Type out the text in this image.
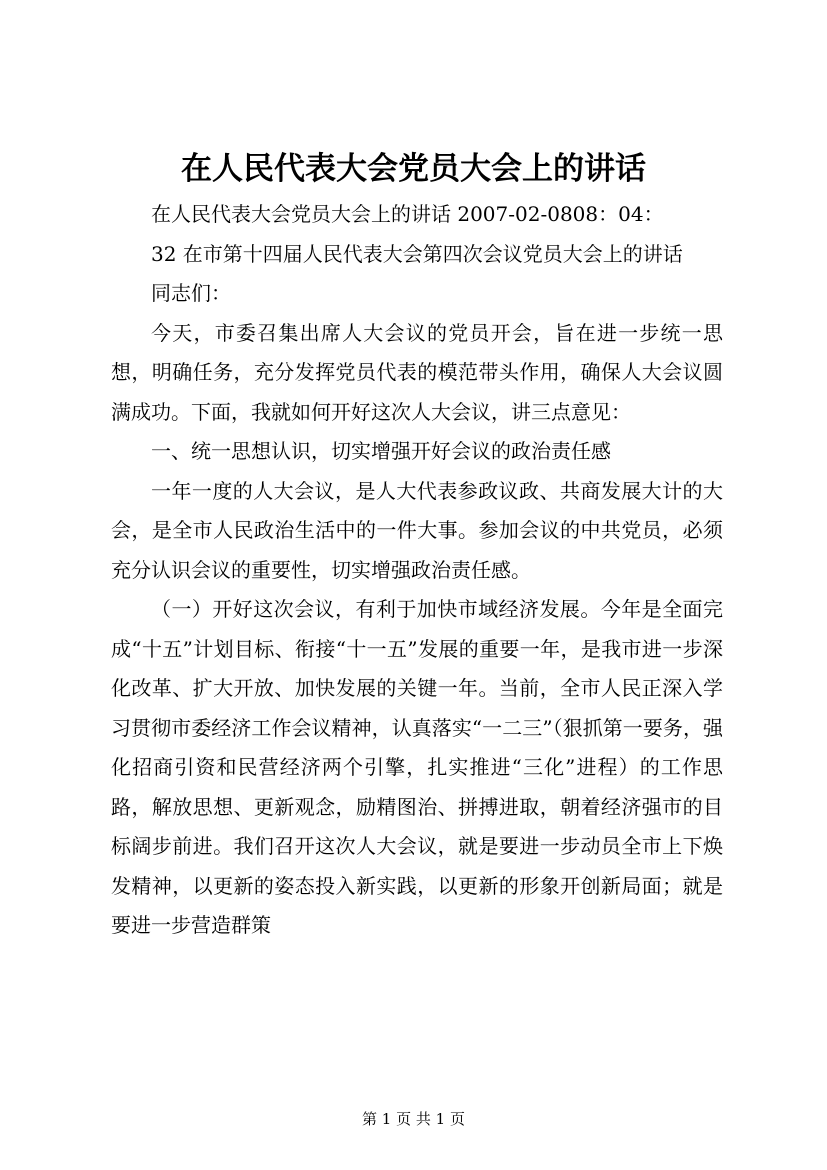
在人民代表大会党员大会上的讲话

在人民代表大会党员大会上的讲话 2007-02-0808：04：

32 在市第十四届人民代表大会第四次会议党员大会上的讲话

同志们：

今天，市委召集出席人大会议的党员开会，旨在进一步统一思想，明确任务，充分发挥党员代表的模范带头作用，确保人大会议圆满成功。下面，我就如何开好这次人大会议，讲三点意见：

一、统一思想认识，切实增强开好会议的政治责任感

一年一度的人大会议，是人大代表参政议政、共商发展大计的大会，是全市人民政治生活中的一件大事。参加会议的中共党员，必须充分认识会议的重要性，切实增强政治责任感。

（一）开好这次会议，有利于加快市域经济发展。今年是全面完成“十五”计划目标、衔接“十一五”发展的重要一年，是我市进一步深化改革、扩大开放、加快发展的关键一年。当前，全市人民正深入学习贯彻市委经济工作会议精神，认真落实“一二三”（狠抓第一要务，强化招商引资和民营经济两个引擎，扎实推进“三化”进程）的工作思路，解放思想、更新观念，励精图治、拼搏进取，朝着经济强市的目标阔步前进。我们召开这次人大会议，就是要进一步动员全市上下焕发精神，以更新的姿态投入新实践，以更新的形象开创新局面；就是要进一步营造群策

第 1 页 共 1 页
